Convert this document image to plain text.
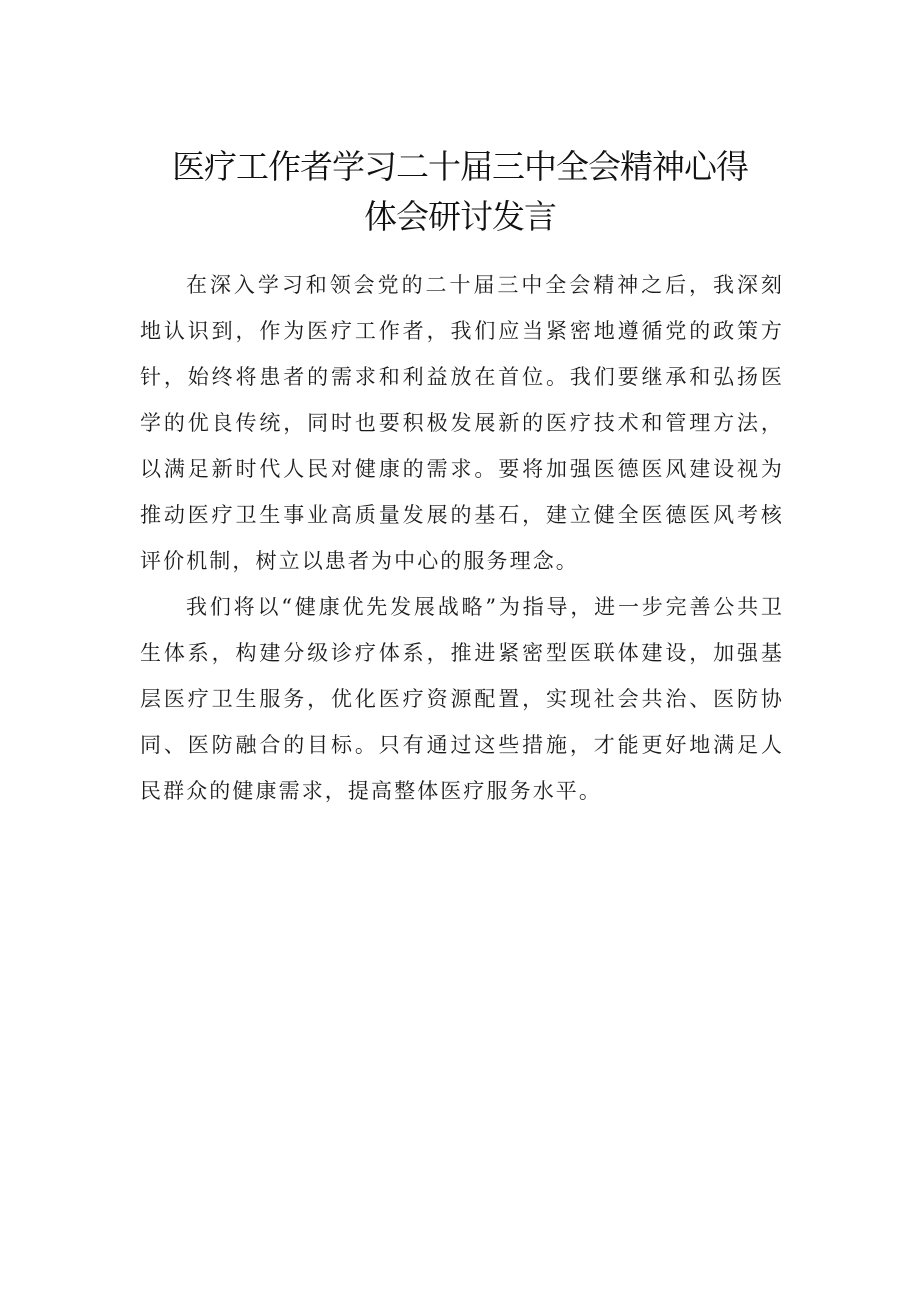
医疗工作者学习二十届三中全会精神心得
体会研讨发言

在深入学习和领会党的二十届三中全会精神之后，我深刻地认识到，作为医疗工作者，我们应当紧密地遵循党的政策方针，始终将患者的需求和利益放在首位。我们要继承和弘扬医学的优良传统，同时也要积极发展新的医疗技术和管理方法，以满足新时代人民对健康的需求。要将加强医德医风建设视为推动医疗卫生事业高质量发展的基石，建立健全医德医风考核评价机制，树立以患者为中心的服务理念。

我们将以“健康优先发展战略”为指导，进一步完善公共卫生体系，构建分级诊疗体系，推进紧密型医联体建设，加强基层医疗卫生服务，优化医疗资源配置，实现社会共治、医防协同、医防融合的目标。只有通过这些措施，才能更好地满足人民群众的健康需求，提高整体医疗服务水平。
